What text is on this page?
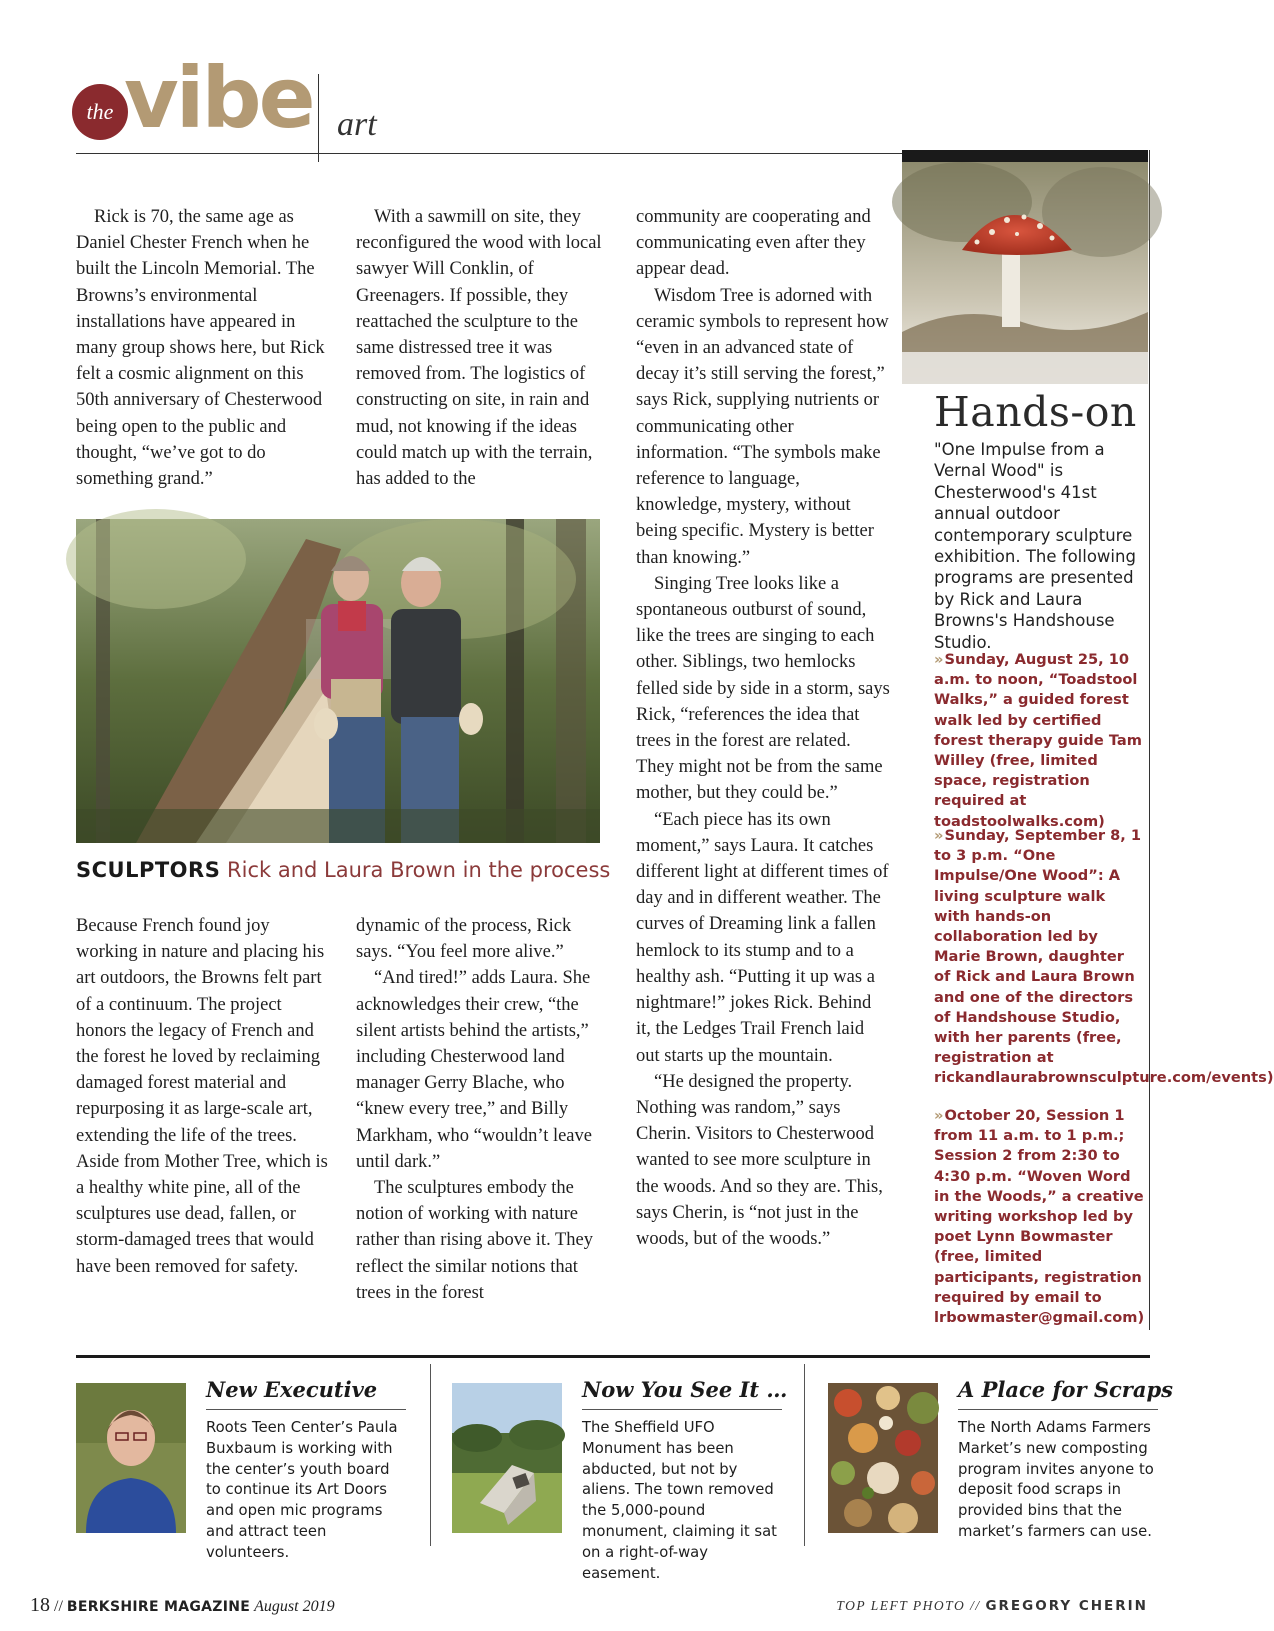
the vibe art

Rick is 70, the same age as Daniel Chester French when he built the Lincoln Memorial. The Browns’s environmental installations have appeared in many group shows here, but Rick felt a cosmic alignment on this 50th anniversary of Chesterwood being open to the public and thought, “we’ve got to do something grand.”

With a sawmill on site, they reconfigured the wood with local sawyer Will Conklin, of Greenagers. If possible, they reattached the sculpture to the same distressed tree it was removed from. The logistics of constructing on site, in rain and mud, not knowing if the ideas could match up with the terrain, has added to the

community are cooperating and communicating even after they appear dead.

Wisdom Tree is adorned with ceramic symbols to represent how “even in an advanced state of decay it’s still serving the forest,” says Rick, supplying nutrients or communicating other information. “The symbols make reference to language, knowledge, mystery, without being specific. Mystery is better than knowing.”

Singing Tree looks like a spontaneous outburst of sound, like the trees are singing to each other. Siblings, two hemlocks felled side by side in a storm, says Rick, “references the idea that trees in the forest are related. They might not be from the same mother, but they could be.”

“Each piece has its own moment,” says Laura. It catches different light at different times of day and in different weather. The curves of Dreaming link a fallen hemlock to its stump and to a healthy ash. “Putting it up was a nightmare!” jokes Rick. Behind it, the Ledges Trail French laid out starts up the mountain.

“He designed the property. Nothing was random,” says Cherin. Visitors to Chesterwood wanted to see more sculpture in the woods. And so they are. This, says Cherin, is “not just in the woods, but of the woods.”

SCULPTORS Rick and Laura Brown in the process

Because French found joy working in nature and placing his art outdoors, the Browns felt part of a continuum. The project honors the legacy of French and the forest he loved by reclaiming damaged forest material and repurposing it as large-scale art, extending the life of the trees. Aside from Mother Tree, which is a healthy white pine, all of the sculptures use dead, fallen, or storm-damaged trees that would have been removed for safety.

dynamic of the process, Rick says. “You feel more alive.”

“And tired!” adds Laura. She acknowledges their crew, “the silent artists behind the artists,” including Chesterwood land manager Gerry Blache, who “knew every tree,” and Billy Markham, who “wouldn’t leave until dark.”

The sculptures embody the notion of working with nature rather than rising above it. They reflect the similar notions that trees in the forest

Hands-on
"One Impulse from a Vernal Wood" is Chesterwood's 41st annual outdoor contemporary sculpture exhibition. The following programs are presented by Rick and Laura Browns's Handshouse Studio.
» Sunday, August 25, 10 a.m. to noon, “Toadstool Walks,” a guided forest walk led by certified forest therapy guide Tam Willey (free, limited space, registration required at toadstoolwalks.com)
» Sunday, September 8, 1 to 3 p.m. “One Impulse/One Wood”: A living sculpture walk with hands-on collaboration led by Marie Brown, daughter of Rick and Laura Brown and one of the directors of Handshouse Studio, with her parents (free, registration at rickandlaurabrownsculpture.com/events)
» October 20, Session 1 from 11 a.m. to 1 p.m.; Session 2 from 2:30 to 4:30 p.m. “Woven Word in the Woods,” a creative writing workshop led by poet Lynn Bowmaster (free, limited participants, registration required by email to lrbowmaster@gmail.com)
New Executive
Roots Teen Center’s Paula Buxbaum is working with the center’s youth board to continue its Art Doors and open mic programs and attract teen volunteers.
Now You See It …
The Sheffield UFO Monument has been abducted, but not by aliens. The town removed the 5,000-pound monument, claiming it sat on a right-of-way easement.
A Place for Scraps
The North Adams Farmers Market’s new composting program invites anyone to deposit food scraps in provided bins that the market’s farmers can use.
18 // BERKSHIRE MAGAZINE August 2019	TOP LEFT PHOTO // GREGORY CHERIN
